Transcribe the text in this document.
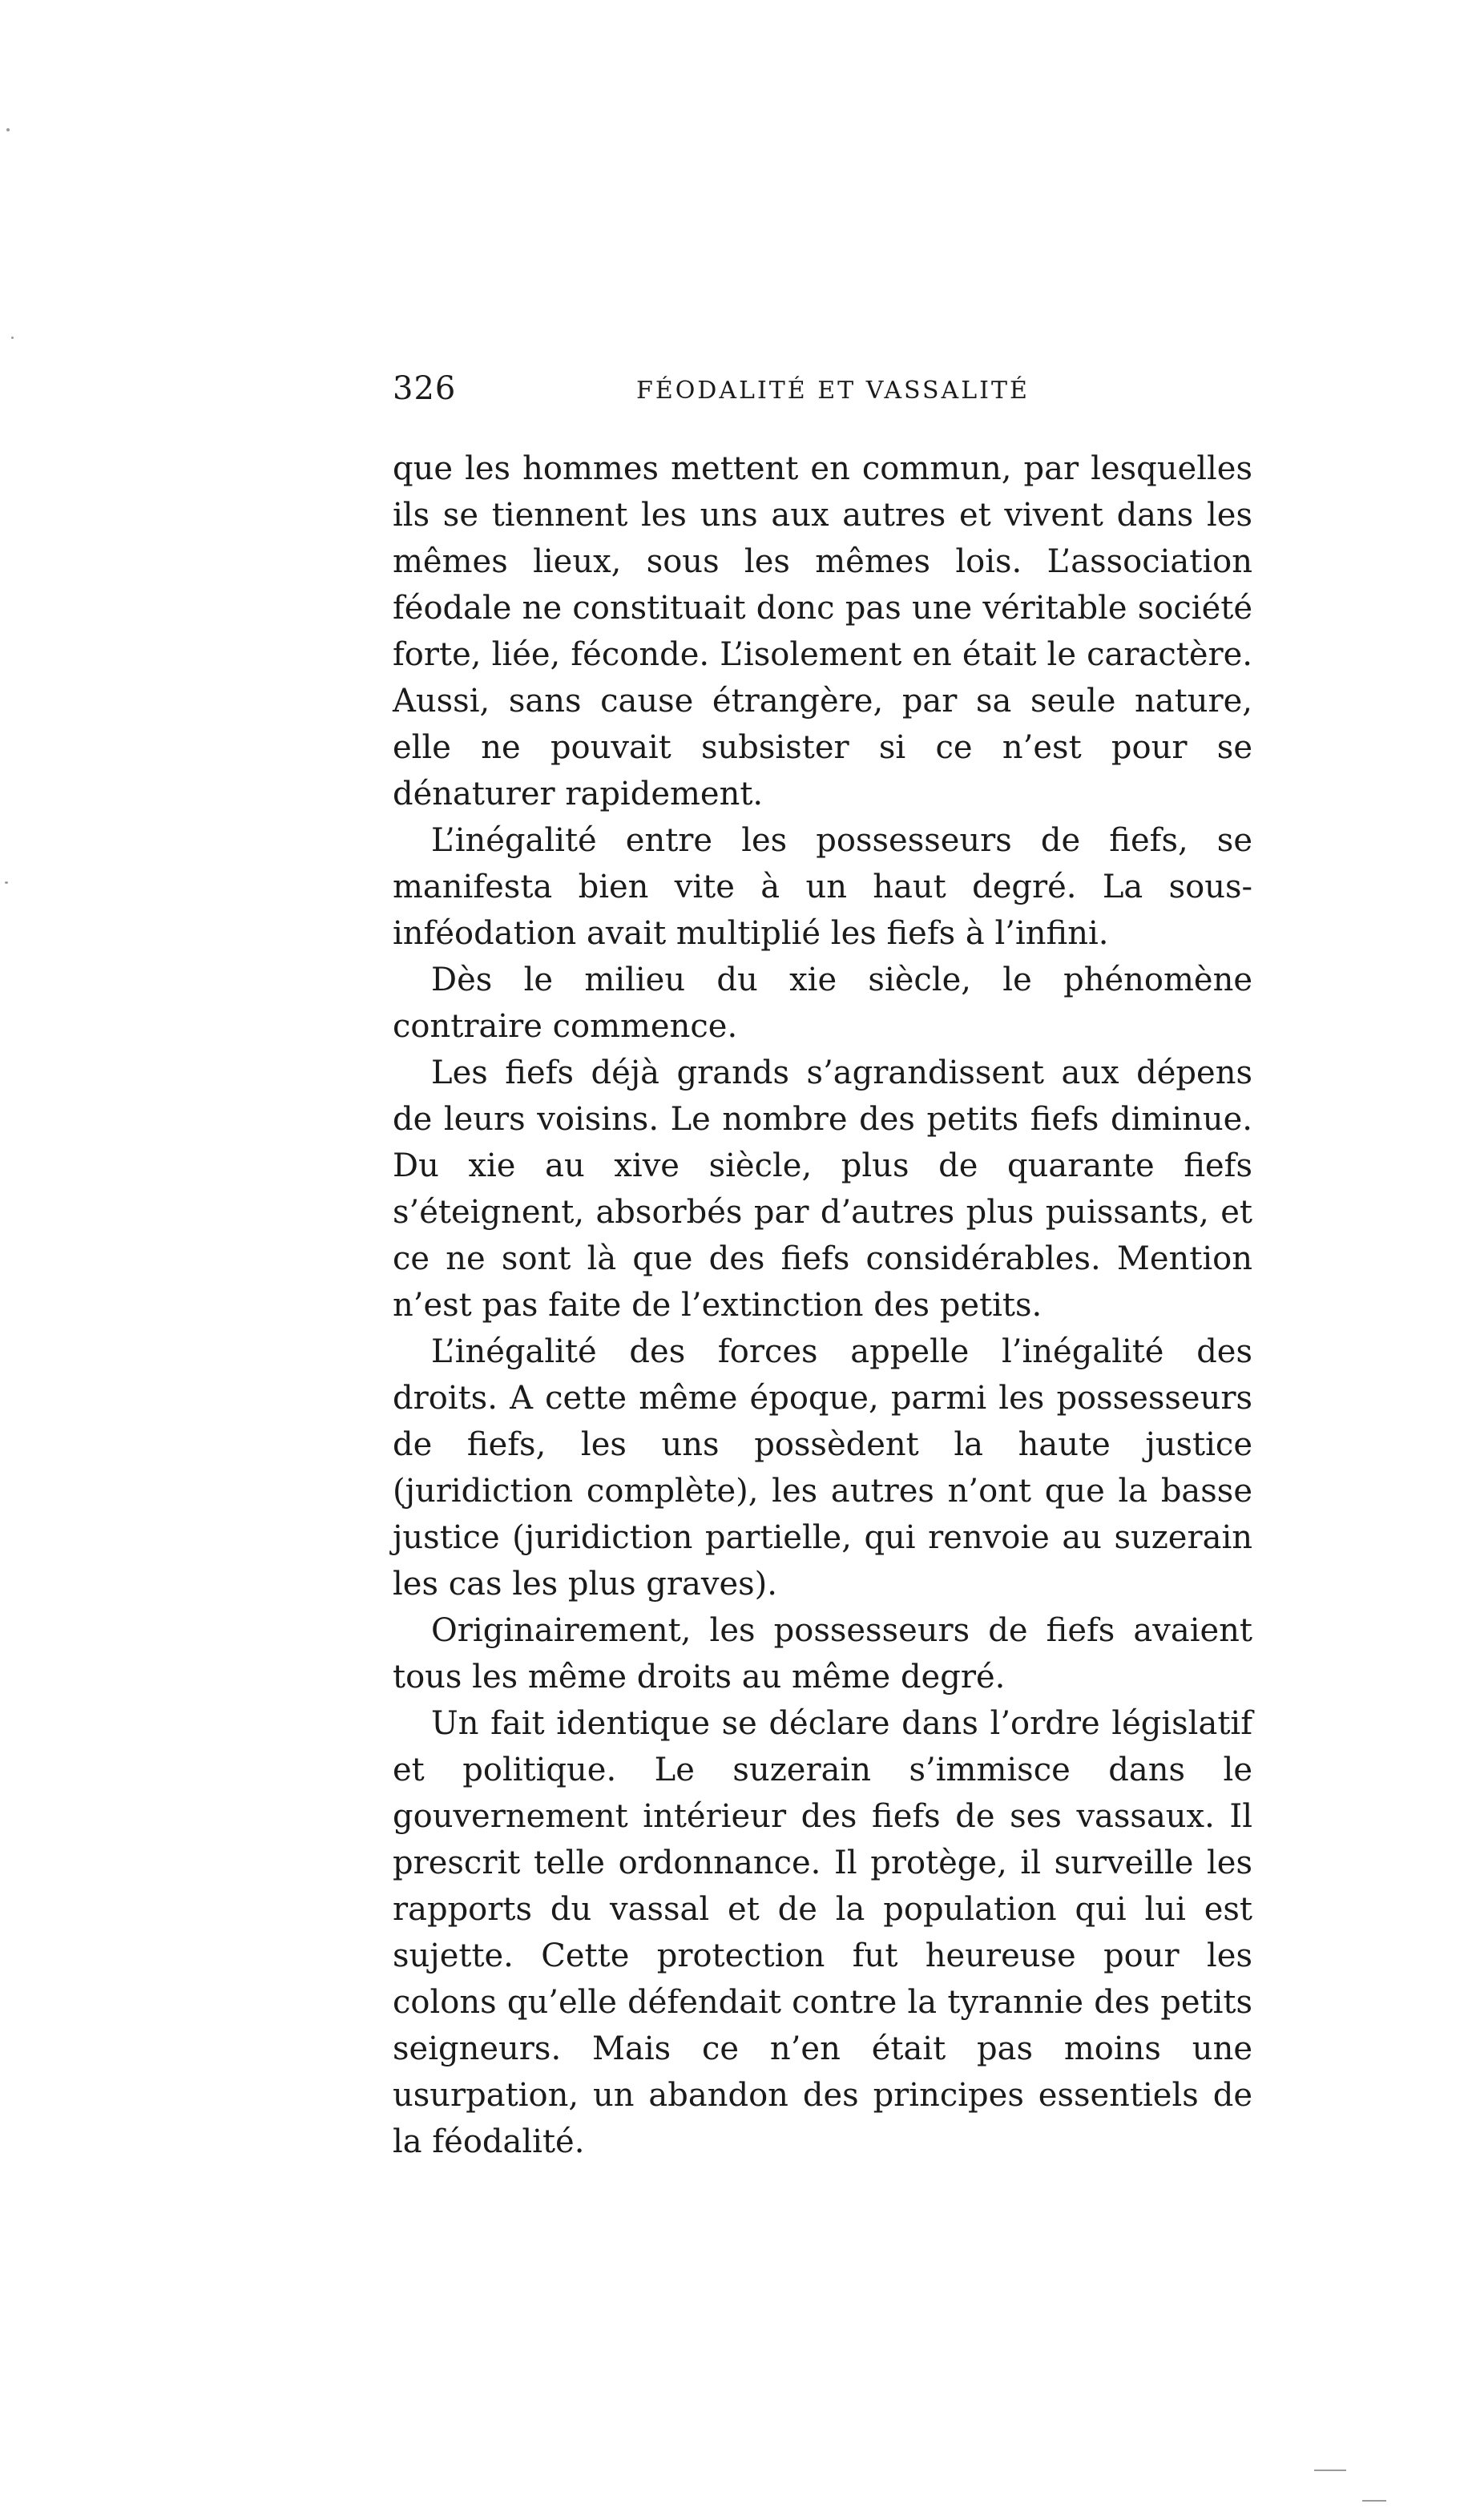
326	FÉODALITÉ ET VASSALITÉ

que les hommes mettent en commun, par lesquelles ils se tiennent les uns aux autres et vivent dans les mêmes lieux, sous les mêmes lois. L’association féodale ne constituait donc pas une véritable société forte, liée, féconde. L’isolement en était le caractère. Aussi, sans cause étrangère, par sa seule nature, elle ne pouvait subsister si ce n’est pour se dénaturer rapidement.

L’inégalité entre les possesseurs de fiefs, se manifesta bien vite à un haut degré. La sous-inféodation avait multiplié les fiefs à l’infini.

Dès le milieu du xie siècle, le phénomène contraire commence.

Les fiefs déjà grands s’agrandissent aux dépens de leurs voisins. Le nombre des petits fiefs diminue. Du xie au xive siècle, plus de quarante fiefs s’éteignent, absorbés par d’autres plus puissants, et ce ne sont là que des fiefs considérables. Mention n’est pas faite de l’extinction des petits.

L’inégalité des forces appelle l’inégalité des droits. A cette même époque, parmi les possesseurs de fiefs, les uns possèdent la haute justice (juridiction complète), les autres n’ont que la basse justice (juridiction partielle, qui renvoie au suzerain les cas les plus graves).

Originairement, les possesseurs de fiefs avaient tous les même droits au même degré.

Un fait identique se déclare dans l’ordre législatif et politique. Le suzerain s’immisce dans le gouvernement intérieur des fiefs de ses vassaux. Il prescrit telle ordonnance. Il protège, il surveille les rapports du vassal et de la population qui lui est sujette. Cette protection fut heureuse pour les colons qu’elle défendait contre la tyrannie des petits seigneurs. Mais ce n’en était pas moins une usurpation, un abandon des principes essentiels de la féodalité.
